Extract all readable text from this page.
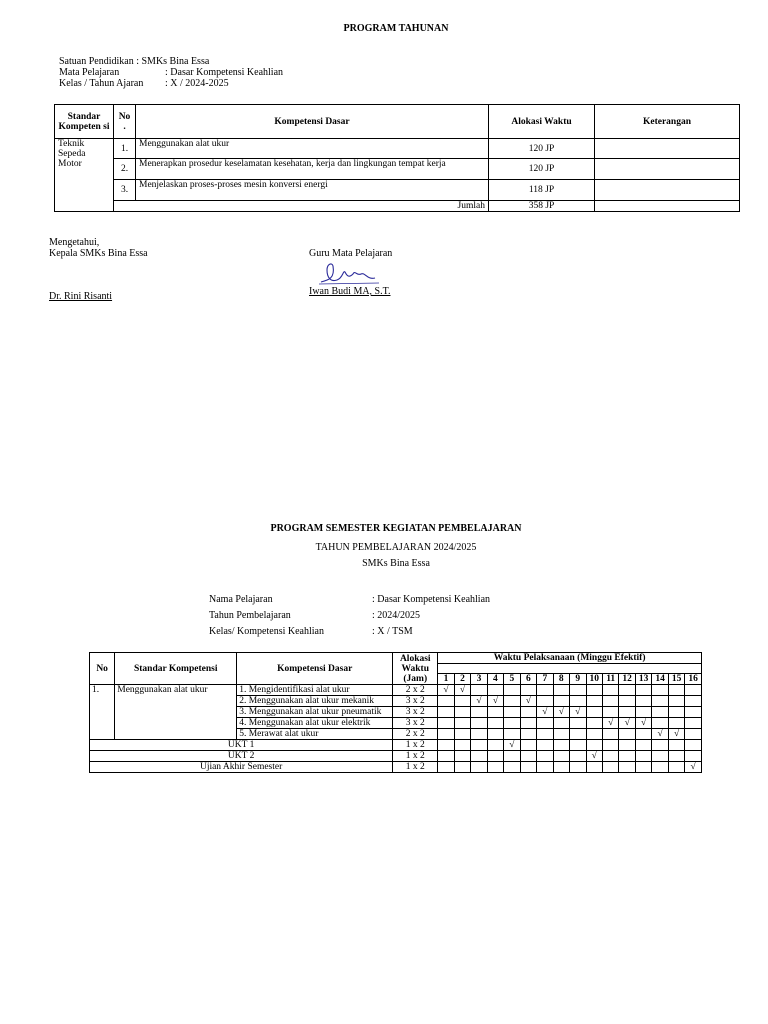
PROGRAM TAHUNAN
Satuan Pendidikan : SMKs Bina Essa
Mata Pelajaran	: Dasar Kompetensi Keahlian
Kelas / Tahun Ajaran : X / 2024-2025
Standar Kompeten si	No .	Kompetensi Dasar	Alokasi Waktu	Keterangan
Teknik Sepeda Motor	1.	Menggunakan alat ukur	120 JP	
	2.	Menerapkan prosedur keselamatan kesehatan, kerja dan lingkungan tempat kerja	120 JP	
	3.	Menjelaskan proses-proses mesin konversi energi	118 JP	
	Jumlah		358 JP	
Mengetahui,
Kepala SMKs Bina Essa
Dr. Rini Risanti
Guru Mata Pelajaran
Iwan Budi MA, S.T.
PROGRAM SEMESTER KEGIATAN PEMBELAJARAN
TAHUN PEMBELAJARAN 2024/2025
SMKs Bina Essa
Nama Pelajaran	: Dasar Kompetensi Keahlian
Tahun Pembelajaran	: 2024/2025
Kelas/ Kompetensi Keahlian	: X / TSM
No	Standar Kompetensi	Kompetensi Dasar	Alokasi Waktu (Jam)	Waktu Pelaksanaan (Minggu Efektif)															

				1	2	3	4	5	6	7	8	9	10	11	12	13	14	15	16
1.	Menggunakan alat ukur	1. Mengidentifikasi alat ukur	2 x 2	√	√														
		2. Menggunakan alat ukur mekanik	3 x 2			√	√		√										
		3. Menggunakan alat ukur pneumatik	3 x 2							√	√	√							
		4. Menggunakan alat ukur elektrik	3 x 2											√	√	√			
		5. Merawat alat ukur	2 x 2														√	√	
UKT 1			1 x 2					√											
UKT 2			1 x 2										√						
Ujian Akhir Semester			1 x 2																√
